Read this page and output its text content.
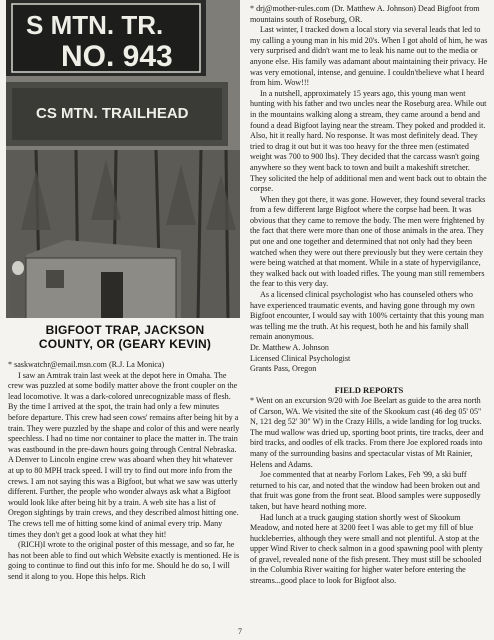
S MTN. TR.
NO. 943
CS MTN. TRAILHEAD
BIGFOOT TRAP, JACKSON COUNTY, OR (GEARY KEVIN)

* saskwatchr@email.msn.com (R.J. La Monica)

I saw an Amtrak train last week at the depot here in Omaha. The crew was puzzled at some bodily matter above the front coupler on the lead locomotive. It was a dark-colored unrecognizable mass of flesh. By the time I arrived at the spot, the train had only a few minutes before departure. This crew had seen cows' remains after being hit by a train. They were puzzled by the shape and color of this and were nearly speechless. I had no time nor container to place the matter in. The train was eastbound in the pre-dawn hours going through Central Nebraska. A Denver to Lincoln engine crew was aboard when they hit whatever at up to 80 MPH track speed. I will try to find out more info from the crews. I am not saying this was a Bigfoot, but what we saw was utterly different. Further, the people who wonder always ask what a Bigfoot would look like after being hit by a train. A web site has a list of Oregon sightings by train crews, and they described almost hitting one. The crews tell me of hitting some kind of animal every trip. Many times they don't get a good look at what they hit!

(RICH)I wrote to the original poster of this message, and so far, he has not been able to find out which Website exactly is mentioned. He is going to continue to find out this info for me. Should he do so, I will send it along to you. Hope this helps. Rich

* drj@mother-rules.com (Dr. Matthew A. Johnson) Dead Bigfoot from mountains south of Roseburg, OR.

Last winter, I tracked down a local story via several leads that led to my calling a young man in his mid 20's. When I got ahold of him, he was very surprised and didn't want me to leak his name out to the media or anyone else. His family was adamant about maintaining their privacy. He was very emotional, intense, and genuine. I couldn'tbelieve what I heard from him. Wow!!!

In a nutshell, approximately 15 years ago, this young man went hunting with his father and two uncles near the Roseburg area. While out in the mountains walking along a stream, they came around a bend and found a dead Bigfoot laying near the stream. They poked and prodded it. Also, hit it really hard. No response. It was most definitely dead. They tried to drag it out but it was too heavy for the three men (estimated weight was 700 to 900 lbs). They decided that the carcass wasn't going anywhere so they went back to town and built a makeshift stretcher. They solicited the help of additional men and went back out to obtain the corpse.

When they got there, it was gone. However, they found several tracks from a few different large Bigfoot where the corpse had been. It was obvious that they came to remove the body. The men were frightened by the fact that there were more than one of those animals in the area. They put one and one together and determined that not only had they been watched when they were out there previously but they were certain they were being watched at that moment. While in a state of hypervigilance, they walked back out with loaded rifles. The young man still remembers the fear to this very day.

As a licensed clinical psychologist who has counseled others who have experienced traumatic events, and having gone through my own Bigfoot encounter, I would say with 100% certainty that this young man was telling me the truth. At his request, both he and his family shall remain anonymous.

Dr. Matthew A. Johnson

Licensed Clinical Psychologist

Grants Pass, Oregon

FIELD REPORTS

* Went on an excursion 9/20 with Joe Beelart as guide to the area north of Carson, WA. We visited the site of the Skookum cast (46 deg 05' 05" N, 121 deg 52' 30" W) in the Crazy Hills, a wide landing for log trucks. The mud wallow was dried up, sporting boot prints, tire tracks, deer and bird tracks, and oodles of elk tracks. From there Joe explored roads into many of the surrounding basins and spectacular vistas of Mt Rainier, Helens and Adams.

Joe commented that at nearby Forlorn Lakes, Feb '99, a ski buff returned to his car, and noted that the window had been broken out and that fruit was gone from the front seat. Blood samples were supposedly taken, but have heard nothing more.

Had lunch at a truck gauging station shortly west of Skookum Meadow, and noted here at 3200 feet I was able to get my fill of blue huckleberries, although they were small and not plentiful. A stop at the upper Wind River to check salmon in a good spawning pool with plenty of gravel, revealed none of the fish present. They must still be schooled in the Columbia River waiting for higher water before entering the streams...good place to look for Bigfoot also.

7
